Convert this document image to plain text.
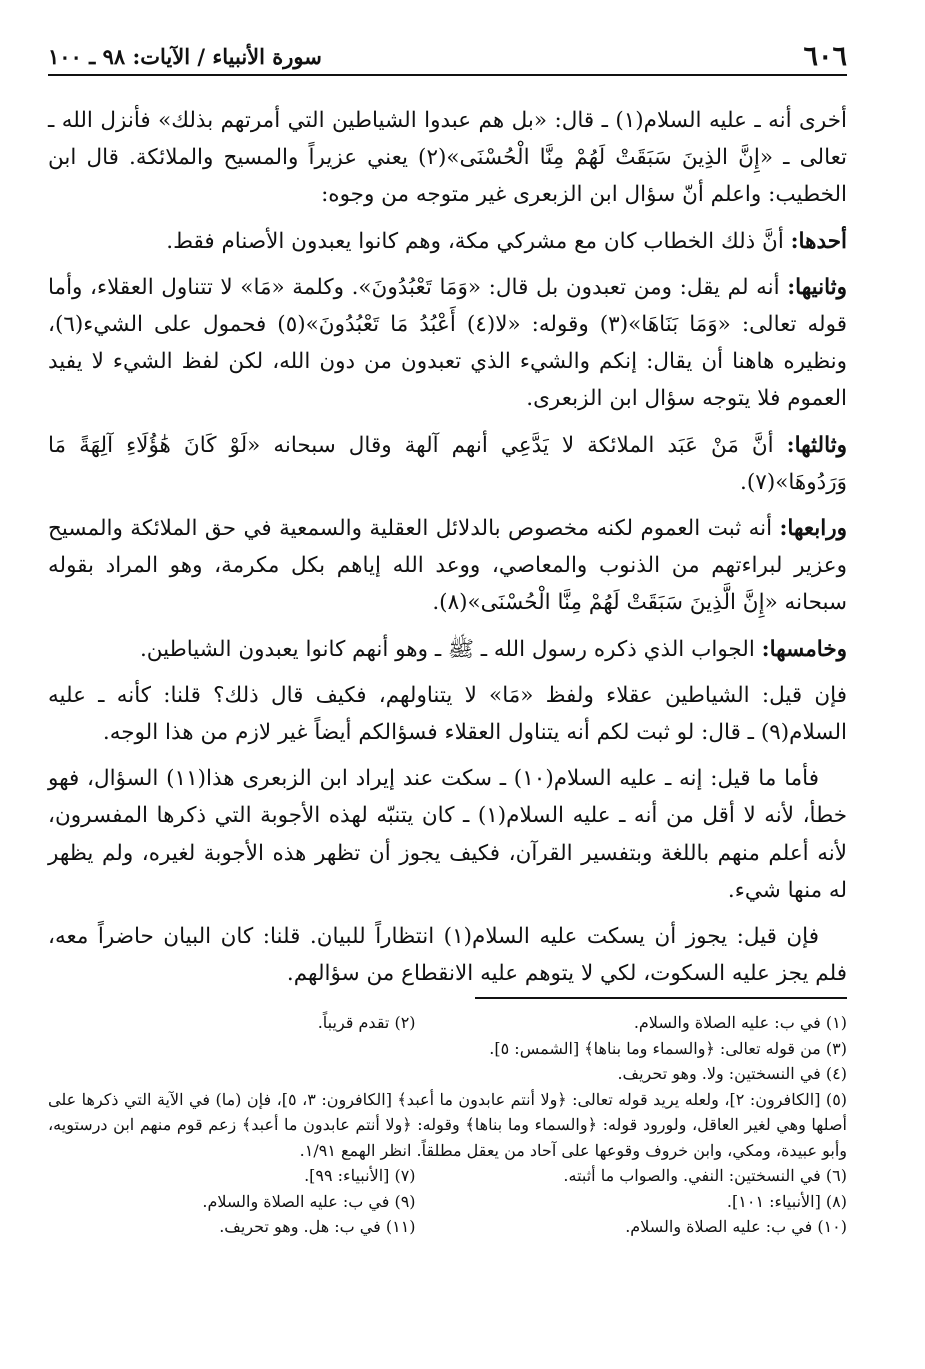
٦٠٦
سورة الأنبياء / الآيات: ٩٨ ـ ١٠٠

أخرى أنه ـ عليه السلام(١) ـ قال: «بل هم عبدوا الشياطين التي أمرتهم بذلك» فأنزل الله ـ تعالى ـ «إِنَّ الذِينَ سَبَقَتْ لَهُمْ مِنَّا الْحُسْنَى»(٢) يعني عزيراً والمسيح والملائكة. قال ابن الخطيب: واعلم أنّ سؤال ابن الزبعرى غير متوجه من وجوه:

أحدها: أنَّ ذلك الخطاب كان مع مشركي مكة، وهم كانوا يعبدون الأصنام فقط.

وثانيها: أنه لم يقل: ومن تعبدون بل قال: «وَمَا تَعْبُدُونَ». وكلمة «مَا» لا تتناول العقلاء، وأما قوله تعالى: «وَمَا بَنَاهَا»(٣) وقوله: «لا(٤) أَعْبُدُ مَا تَعْبُدُونَ»(٥) فحمول على الشيء(٦)، ونظيره هاهنا أن يقال: إنكم والشيء الذي تعبدون من دون الله، لكن لفظ الشيء لا يفيد العموم فلا يتوجه سؤال ابن الزبعرى.

وثالثها: أنَّ مَنْ عَبَد الملائكة لا يَدَّعِي أنهم آلهة وقال سبحانه «لَوْ كَانَ هَٰؤُلَاءِ آلِهَةً مَا وَرَدُوهَا»(٧).

ورابعها: أنه ثبت العموم لكنه مخصوص بالدلائل العقلية والسمعية في حق الملائكة والمسيح وعزير لبراءتهم من الذنوب والمعاصي، ووعد الله إياهم بكل مكرمة، وهو المراد بقوله سبحانه «إِنَّ الَّذِينَ سَبَقَتْ لَهُمْ مِنَّا الْحُسْنَى»(٨).

وخامسها: الجواب الذي ذكره رسول الله ـ ﷺ ـ وهو أنهم كانوا يعبدون الشياطين.

فإن قيل: الشياطين عقلاء ولفظ «مَا» لا يتناولهم، فكيف قال ذلك؟ قلنا: كأنه ـ عليه السلام(٩) ـ قال: لو ثبت لكم أنه يتناول العقلاء فسؤالكم أيضاً غير لازم من هذا الوجه.

فأما ما قيل: إنه ـ عليه السلام(١٠) ـ سكت عند إيراد ابن الزبعرى هذا(١١) السؤال، فهو خطأ، لأنه لا أقل من أنه ـ عليه السلام(١) ـ كان يتنبّه لهذه الأجوبة التي ذكرها المفسرون، لأنه أعلم منهم باللغة وبتفسير القرآن، فكيف يجوز أن تظهر هذه الأجوبة لغيره، ولم يظهر له منها شيء.

فإن قيل: يجوز أن يسكت عليه السلام(١) انتظاراً للبيان. قلنا: كان البيان حاضراً معه، فلم يجز عليه السكوت، لكي لا يتوهم عليه الانقطاع من سؤالهم.

(١) في ب: عليه الصلاة والسلام.
(٢) تقدم قريباً.
(٣) من قوله تعالى: ﴿والسماء وما بناها﴾ [الشمس: ٥].
(٤) في النسختين: ولا. وهو تحريف.
(٥) [الكافرون: ٢]، ولعله يريد قوله تعالى: ﴿ولا أنتم عابدون ما أعبد﴾ [الكافرون: ٣، ٥]، فإن (ما) في الآية التي ذكرها على أصلها وهي لغير العاقل، ولورود قوله: ﴿والسماء وما بناها﴾ وقوله: ﴿ولا أنتم عابدون ما أعبد﴾ زعم قوم منهم ابن درستويه، وأبو عبيدة، ومكي، وابن خروف وقوعها على آحاد من يعقل مطلقاً. انظر الهمع ١/٩١.
(٦) في النسختين: النفي. والصواب ما أثبته.
(٧) [الأنبياء: ٩٩].
(٨) [الأنبياء: ١٠١].
(٩) في ب: عليه الصلاة والسلام.
(١٠) في ب: عليه الصلاة والسلام.
(١١) في ب: هل. وهو تحريف.
